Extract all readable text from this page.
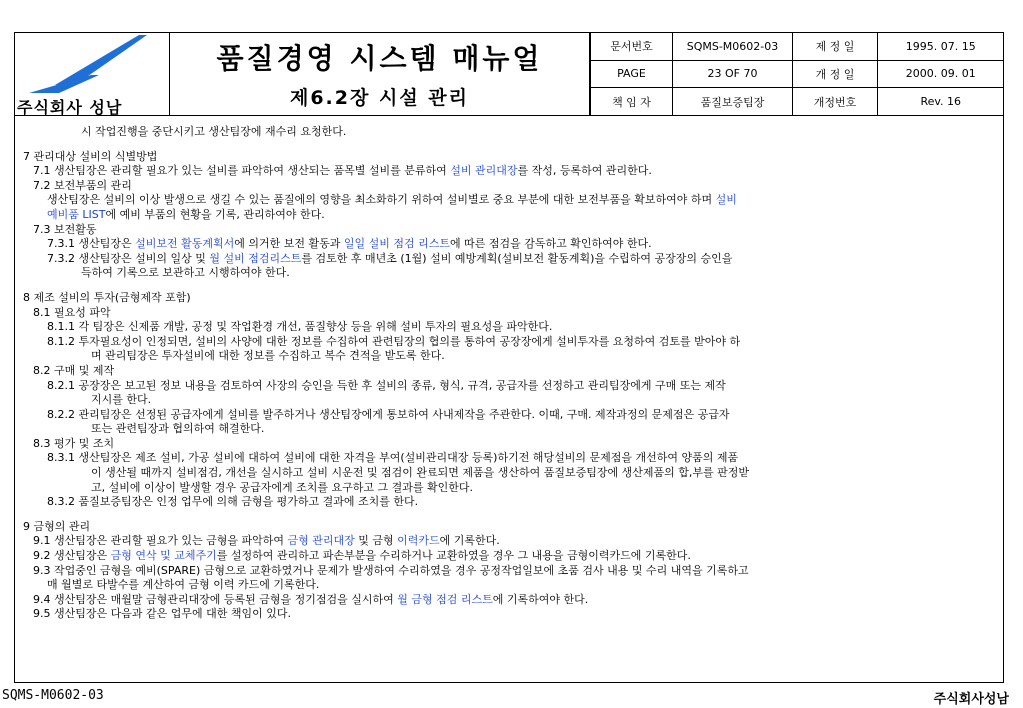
주식회사 성남
품질경영 시스템 매뉴얼
제6.2장 시설 관리
문서번호	SQMS-M0602-03	제 정 일	1995. 07. 15
PAGE	23 OF 70	개 정 일	2000. 09. 01
책 임 자	품질보증팀장	개정번호	Rev. 16
시 작업진행을 중단시키고 생산팀장에 재수리 요청한다.
7 관리대상 설비의 식별방법
7.1 생산팀장은 관리할 필요가 있는 설비를 파악하여 생산되는 품목별 설비를 분류하여 설비 관리대장를 작성, 등록하여 관리한다.
7.2 보전부품의 관리
생산팀장은 설비의 이상 발생으로 생길 수 있는 품질에의 영향을 최소화하기 위하여 설비별로 중요 부분에 대한 보전부품을 확보하여야 하며 설비
예비품 LIST에 예비 부품의 현황을 기록, 관리하여야 한다.
7.3 보전활동
7.3.1 생산팀장은 설비보전 활동계획서에 의거한 보전 활동과 일일 설비 점검 리스트에 따른 점검을 감독하고 확인하여야 한다.
7.3.2 생산팀장은 설비의 일상 및 월 설비 점검리스트를 검토한 후 매년초 (1월) 설비 예방계획(설비보전 활동계획)을 수립하여 공장장의 승인을
득하여 기록으로 보관하고 시행하여야 한다.
8 제조 설비의 투자(금형제작 포함)
8.1 필요성 파악
8.1.1 각 팀장은 신제품 개발, 공정 및 작업환경 개선, 품질향상 등을 위해 설비 투자의 필요성을 파악한다.
8.1.2 투자필요성이 인정되면, 설비의 사양에 대한 정보를 수집하여 관련팀장의 협의를 통하여 공장장에게 설비투자를 요청하여 검토를 받아야 하
며 관리팀장은 투자설비에 대한 정보를 수집하고 복수 견적을 받도록 한다.
8.2 구매 및 제작
8.2.1 공장장은 보고된 정보 내용을 검토하여 사장의 승인을 득한 후 설비의 종류, 형식, 규격, 공급자를 선정하고 관리팀장에게 구매 또는 제작
지시를 한다.
8.2.2 관리팀장은 선정된 공급자에게 설비를 발주하거나 생산팀장에게 통보하여 사내제작을 주관한다. 이때, 구매. 제작과정의 문제점은 공급자
또는 관련팀장과 협의하여 해결한다.
8.3 평가 및 조치
8.3.1 생산팀장은 제조 설비, 가공 설비에 대하여 설비에 대한 자격을 부여(설비관리대장 등록)하기전 해당설비의 문제점을 개선하여 양품의 제품
이 생산될 때까지 설비점검, 개선을 실시하고 설비 시운전 및 점검이 완료되면 제품을 생산하여 품질보증팀장에 생산제품의 합,부를 판정받
고, 설비에 이상이 발생할 경우 공급자에게 조치를 요구하고 그 결과를 확인한다.
8.3.2 품질보증팀장은 인정 업무에 의해 금형을 평가하고 결과에 조치를 한다.
9 금형의 관리
9.1 생산팀장은 관리할 필요가 있는 금형을 파악하여 금형 관리대장 및 금형 이력카드에 기록한다.
9.2 생산팀장은 금형 연삭 및 교체주기를 설정하여 관리하고 파손부분을 수리하거나 교환하였을 경우 그 내용을 금형이력카드에 기록한다.
9.3 작업중인 금형을 예비(SPARE) 금형으로 교환하였거나 문제가 발생하여 수리하였을 경우 공정작업일보에 초품 검사 내용 및 수리 내역을 기록하고
매 월별로 타발수를 계산하여 금형 이력 카드에 기록한다.
9.4 생산팀장은 매월말 금형관리대장에 등록된 금형을 정기점검을 실시하여 월 금형 점검 리스트에 기록하여야 한다.
9.5 생산팀장은 다음과 같은 업무에 대한 책임이 있다.
SQMS-M0602-03	주식회사성남
